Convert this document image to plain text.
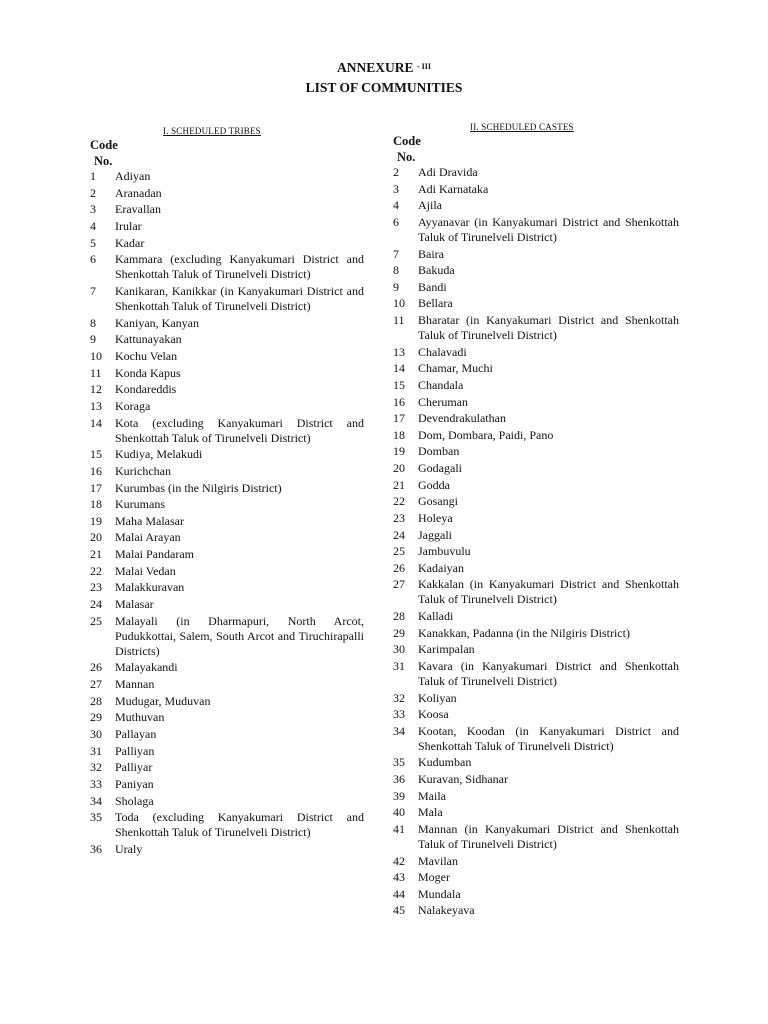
ANNEXURE $^{- III}$
LIST OF COMMUNITIES
I. SCHEDULED TRIBES
Code
No.
1	Adiyan
2	Aranadan
3	Eravallan
4	Irular
5	Kadar
6	Kammara (excluding Kanyakumari District and Shenkottah Taluk of Tirunelveli District)
7	Kanikaran, Kanikkar (in Kanyakumari District and Shenkottah Taluk of Tirunelveli District)
8	Kaniyan, Kanyan
9	Kattunayakan
10	Kochu Velan
11	Konda Kapus
12	Kondareddis
13	Koraga
14	Kota (excluding Kanyakumari District and Shenkottah Taluk of Tirunelveli District)
15	Kudiya, Melakudi
16	Kurichchan
17	Kurumbas (in the Nilgiris District)
18	Kurumans
19	Maha Malasar
20	Malai Arayan
21	Malai Pandaram
22	Malai Vedan
23	Malakkuravan
24	Malasar
25	Malayali (in Dharmapuri, North Arcot, Pudukkottai, Salem, South Arcot and Tiruchirapalli Districts)
26	Malayakandi
27	Mannan
28	Mudugar, Muduvan
29	Muthuvan
30	Pallayan
31	Palliyan
32	Palliyar
33	Paniyan
34	Sholaga
35	Toda (excluding Kanyakumari District and Shenkottah Taluk of Tirunelveli District)
36	Uraly
II. SCHEDULED CASTES
Code
No.
2	Adi Dravida
3	Adi Karnataka
4	Ajila
6	Ayyanavar (in Kanyakumari District and Shenkottah Taluk of Tirunelveli District)
7	Baira
8	Bakuda
9	Bandi
10	Bellara
11	Bharatar (in Kanyakumari District and Shenkottah Taluk of Tirunelveli District)
13	Chalavadi
14	Chamar, Muchi
15	Chandala
16	Cheruman
17	Devendrakulathan
18	Dom, Dombara, Paidi, Pano
19	Domban
20	Godagali
21	Godda
22	Gosangi
23	Holeya
24	Jaggali
25	Jambuvulu
26	Kadaiyan
27	Kakkalan (in Kanyakumari District and Shenkottah Taluk of Tirunelveli District)
28	Kalladi
29	Kanakkan, Padanna (in the Nilgiris District)
30	Karimpalan
31	Kavara (in Kanyakumari District and Shenkottah Taluk of Tirunelveli District)
32	Koliyan
33	Koosa
34	Kootan, Koodan (in Kanyakumari District and Shenkottah Taluk of Tirunelveli District)
35	Kudumban
36	Kuravan, Sidhanar
39	Maila
40	Mala
41	Mannan (in Kanyakumari District and Shenkottah Taluk of Tirunelveli District)
42	Mavilan
43	Moger
44	Mundala
45	Nalakeyava
